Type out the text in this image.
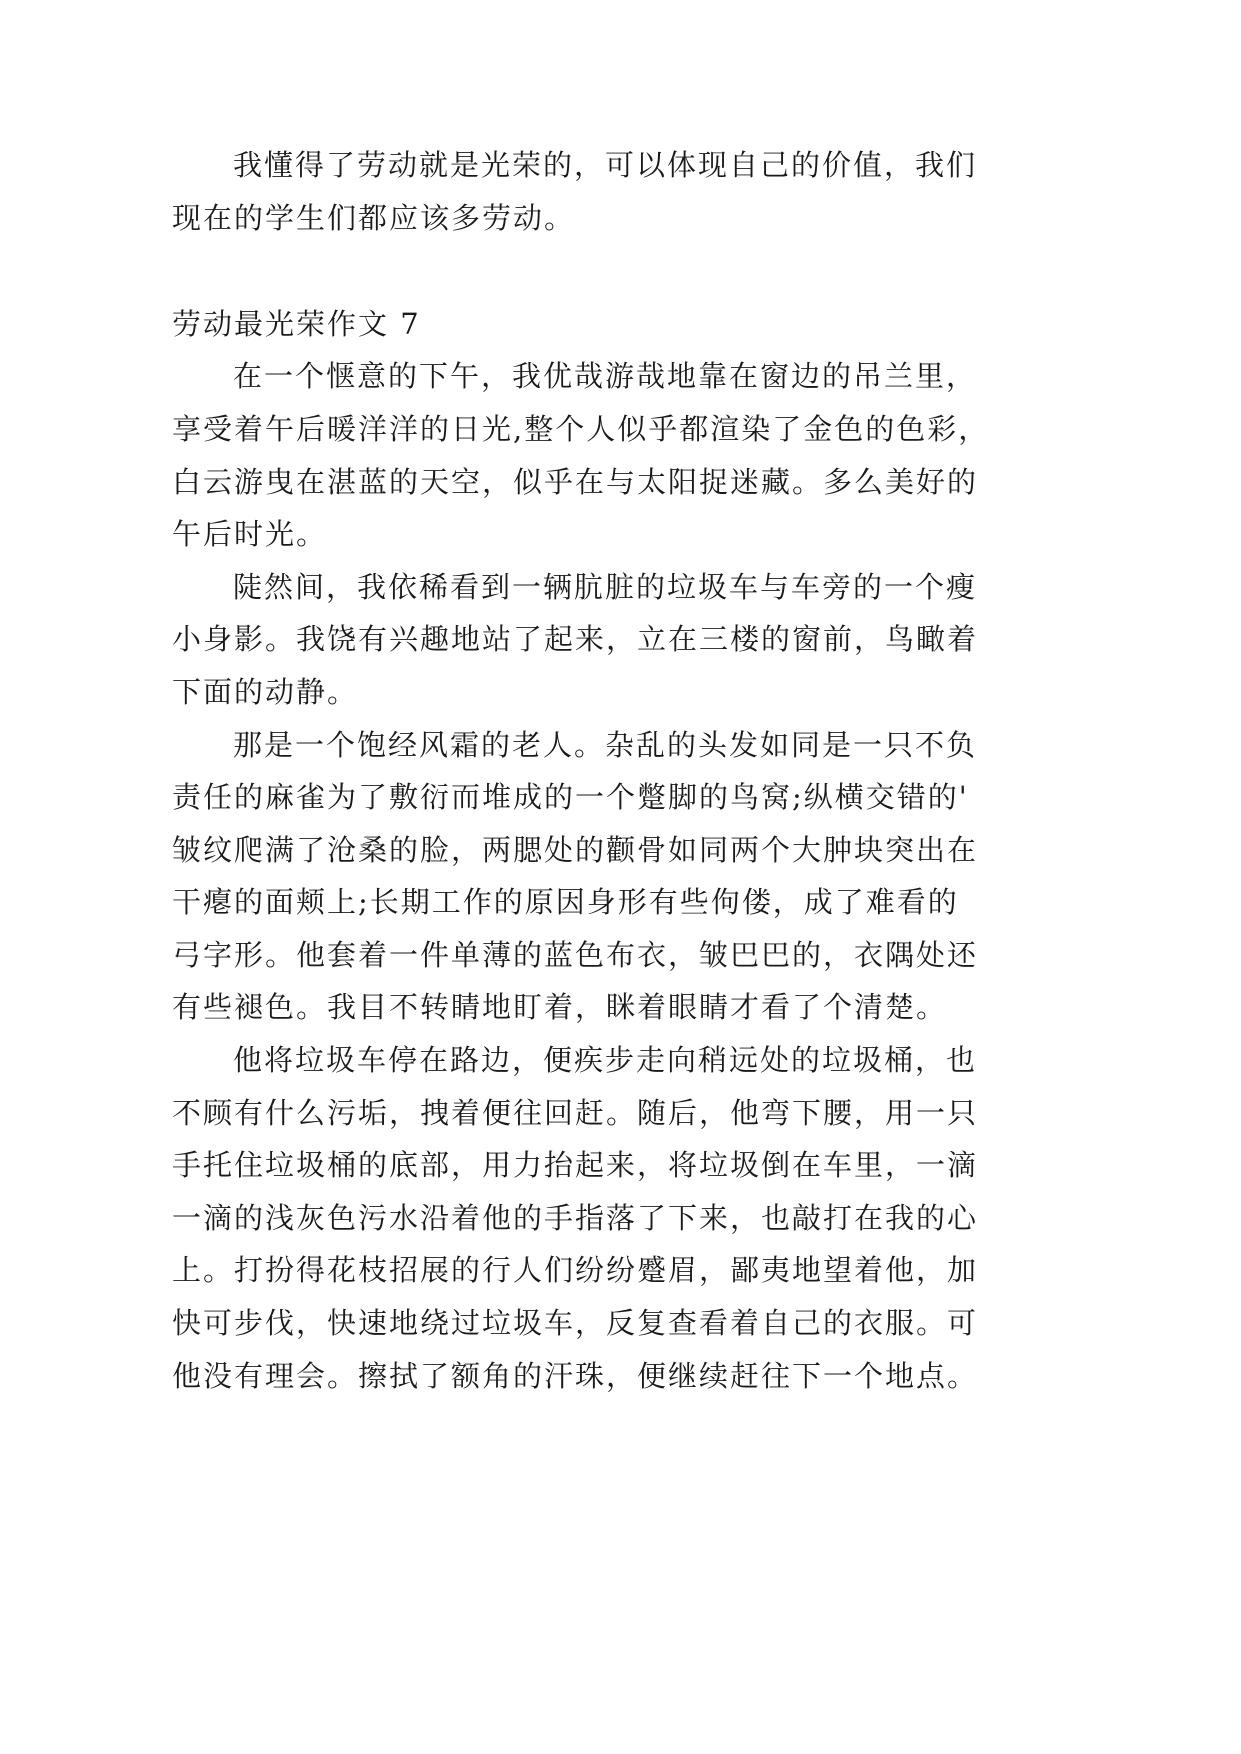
我懂得了劳动就是光荣的，可以体现自己的价值，我们

现在的学生们都应该多劳动。

劳动最光荣作文 7

在一个惬意的下午，我优哉游哉地靠在窗边的吊兰里，

享受着午后暖洋洋的日光,整个人似乎都渲染了金色的色彩，

白云游曳在湛蓝的天空，似乎在与太阳捉迷藏。多么美好的

午后时光。

陡然间，我依稀看到一辆肮脏的垃圾车与车旁的一个瘦

小身影。我饶有兴趣地站了起来，立在三楼的窗前，鸟瞰着

下面的动静。

那是一个饱经风霜的老人。杂乱的头发如同是一只不负

责任的麻雀为了敷衍而堆成的一个蹩脚的鸟窝;纵横交错的'

皱纹爬满了沧桑的脸，两腮处的颧骨如同两个大肿块突出在

干瘪的面颊上;长期工作的原因身形有些佝偻，成了难看的

弓字形。他套着一件单薄的蓝色布衣，皱巴巴的，衣隅处还

有些褪色。我目不转睛地盯着，眯着眼睛才看了个清楚。

他将垃圾车停在路边，便疾步走向稍远处的垃圾桶，也

不顾有什么污垢，拽着便往回赶。随后，他弯下腰，用一只

手托住垃圾桶的底部，用力抬起来，将垃圾倒在车里，一滴

一滴的浅灰色污水沿着他的手指落了下来，也敲打在我的心

上。打扮得花枝招展的行人们纷纷蹙眉，鄙夷地望着他，加

快可步伐，快速地绕过垃圾车，反复查看着自己的衣服。可

他没有理会。擦拭了额角的汗珠，便继续赶往下一个地点。
